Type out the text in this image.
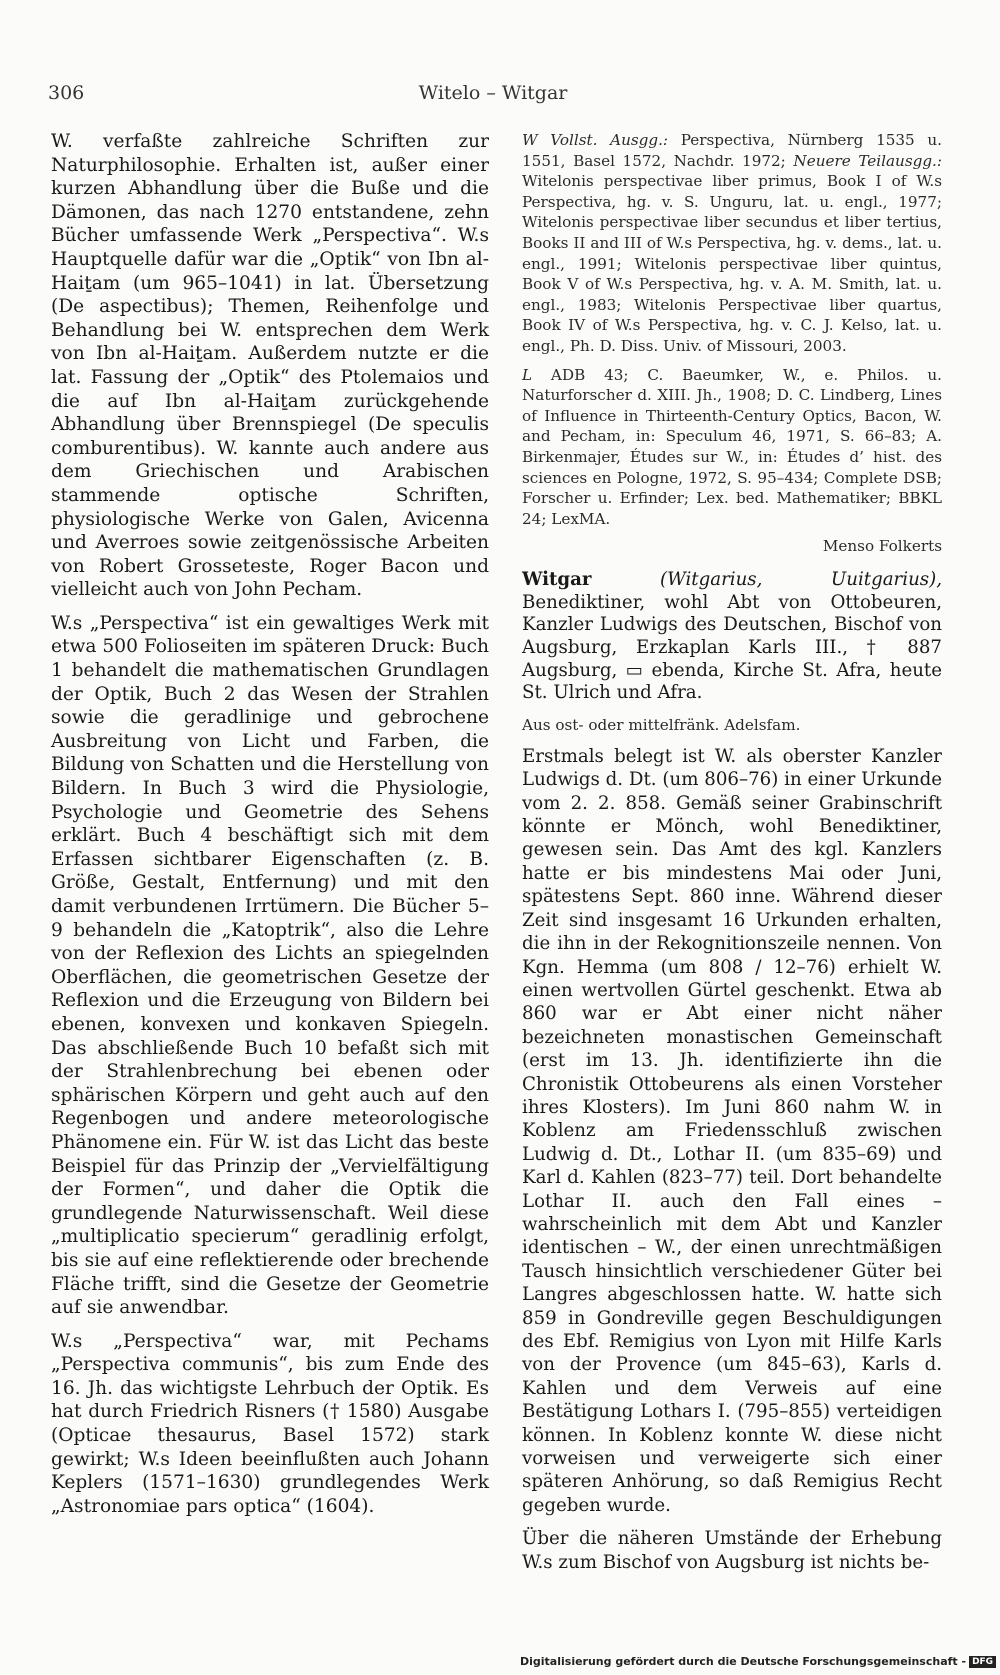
306	Witelo – Witgar

W. verfaßte zahlreiche Schriften zur Naturphilosophie. Erhalten ist, außer einer kurzen Abhandlung über die Buße und die Dämonen, das nach 1270 entstandene, zehn Bücher umfassende Werk „Perspectiva“. W.s Hauptquelle dafür war die „Optik“ von Ibn al-Haiṯam (um 965–1041) in lat. Übersetzung (De aspectibus); Themen, Reihenfolge und Behandlung bei W. entsprechen dem Werk von Ibn al-Haiṯam. Außerdem nutzte er die lat. Fassung der „Optik“ des Ptolemaios und die auf Ibn al-Haiṯam zurückgehende Abhandlung über Brennspiegel (De speculis comburentibus). W. kannte auch andere aus dem Griechischen und Arabischen stammende optische Schriften, physiologische Werke von Galen, Avicenna und Averroes sowie zeitgenössische Arbeiten von Robert Grosseteste, Roger Bacon und vielleicht auch von John Pecham.

W.s „Perspectiva“ ist ein gewaltiges Werk mit etwa 500 Folioseiten im späteren Druck: Buch 1 behandelt die mathematischen Grundlagen der Optik, Buch 2 das Wesen der Strahlen sowie die geradlinige und gebrochene Ausbreitung von Licht und Farben, die Bildung von Schatten und die Herstellung von Bildern. In Buch 3 wird die Physiologie, Psychologie und Geometrie des Sehens erklärt. Buch 4 beschäftigt sich mit dem Erfassen sichtbarer Eigenschaften (z. B. Größe, Gestalt, Entfernung) und mit den damit verbundenen Irrtümern. Die Bücher 5–9 behandeln die „Katoptrik“, also die Lehre von der Reflexion des Lichts an spiegelnden Oberflächen, die geometrischen Gesetze der Reflexion und die Erzeugung von Bildern bei ebenen, konvexen und konkaven Spiegeln. Das abschließende Buch 10 befaßt sich mit der Strahlenbrechung bei ebenen oder sphärischen Körpern und geht auch auf den Regenbogen und andere meteorologische Phänomene ein. Für W. ist das Licht das beste Beispiel für das Prinzip der „Vervielfältigung der Formen“, und daher die Optik die grundlegende Naturwissenschaft. Weil diese „multiplicatio specierum“ geradlinig erfolgt, bis sie auf eine reflektierende oder brechende Fläche trifft, sind die Gesetze der Geometrie auf sie anwendbar.

W.s „Perspectiva“ war, mit Pechams „Perspectiva communis“, bis zum Ende des 16. Jh. das wichtigste Lehrbuch der Optik. Es hat durch Friedrich Risners († 1580) Ausgabe (Opticae thesaurus, Basel 1572) stark gewirkt; W.s Ideen beeinflußten auch Johann Keplers (1571–1630) grundlegendes Werk „Astronomiae pars optica“ (1604).

W Vollst. Ausgg.: Perspectiva, Nürnberg 1535 u. 1551, Basel 1572, Nachdr. 1972; Neuere Teilausgg.: Witelonis perspectivae liber primus, Book I of W.s Perspectiva, hg. v. S. Unguru, lat. u. engl., 1977; Witelonis perspectivae liber secundus et liber tertius, Books II and III of W.s Perspectiva, hg. v. dems., lat. u. engl., 1991; Witelonis perspectivae liber quintus, Book V of W.s Perspectiva, hg. v. A. M. Smith, lat. u. engl., 1983; Witelonis Perspectivae liber quartus, Book IV of W.s Perspectiva, hg. v. C. J. Kelso, lat. u. engl., Ph. D. Diss. Univ. of Missouri, 2003.

L ADB 43; C. Baeumker, W., e. Philos. u. Naturforscher d. XIII. Jh., 1908; D. C. Lindberg, Lines of Influence in Thirteenth-Century Optics, Bacon, W. and Pecham, in: Speculum 46, 1971, S. 66–83; A. Birkenmajer, Études sur W., in: Études d’ hist. des sciences en Pologne, 1972, S. 95–434; Complete DSB; Forscher u. Erfinder; Lex. bed. Mathematiker; BBKL 24; LexMA.

Menso Folkerts

Witgar	(Witgarius, Uuitgarius), Benediktiner, wohl Abt von Ottobeuren, Kanzler Ludwigs des Deutschen, Bischof von Augsburg, Erzkaplan Karls III., † 887 Augsburg, ▭ ebenda, Kirche St. Afra, heute St. Ulrich und Afra.

Aus ost- oder mittelfränk. Adelsfam.

Erstmals belegt ist W. als oberster Kanzler Ludwigs d. Dt. (um 806–76) in einer Urkunde vom 2. 2. 858. Gemäß seiner Grabinschrift könnte er Mönch, wohl Benediktiner, gewesen sein. Das Amt des kgl. Kanzlers hatte er bis mindestens Mai oder Juni, spätestens Sept. 860 inne. Während dieser Zeit sind insgesamt 16 Urkunden erhalten, die ihn in der Rekognitionszeile nennen. Von Kgn. Hemma (um 808 / 12–76) erhielt W. einen wertvollen Gürtel geschenkt. Etwa ab 860 war er Abt einer nicht näher bezeichneten monastischen Gemeinschaft (erst im 13. Jh. identifizierte ihn die Chronistik Ottobeurens als einen Vorsteher ihres Klosters). Im Juni 860 nahm W. in Koblenz am Friedensschluß zwischen Ludwig d. Dt., Lothar II. (um 835–69) und Karl d. Kahlen (823–77) teil. Dort behandelte Lothar II. auch den Fall eines – wahrscheinlich mit dem Abt und Kanzler identischen – W., der einen unrechtmäßigen Tausch hinsichtlich verschiedener Güter bei Langres abgeschlossen hatte. W. hatte sich 859 in Gondreville gegen Beschuldigungen des Ebf. Remigius von Lyon mit Hilfe Karls von der Provence (um 845–63), Karls d. Kahlen und dem Verweis auf eine Bestätigung Lothars I. (795–855) verteidigen können. In Koblenz konnte W. diese nicht vorweisen und verweigerte sich einer späteren Anhörung, so daß Remigius Recht gegeben wurde.

Über die näheren Umstände der Erhebung W.s zum Bischof von Augsburg ist nichts be-

Digitalisierung gefördert durch die Deutsche Forschungsgemeinschaft - DFG
